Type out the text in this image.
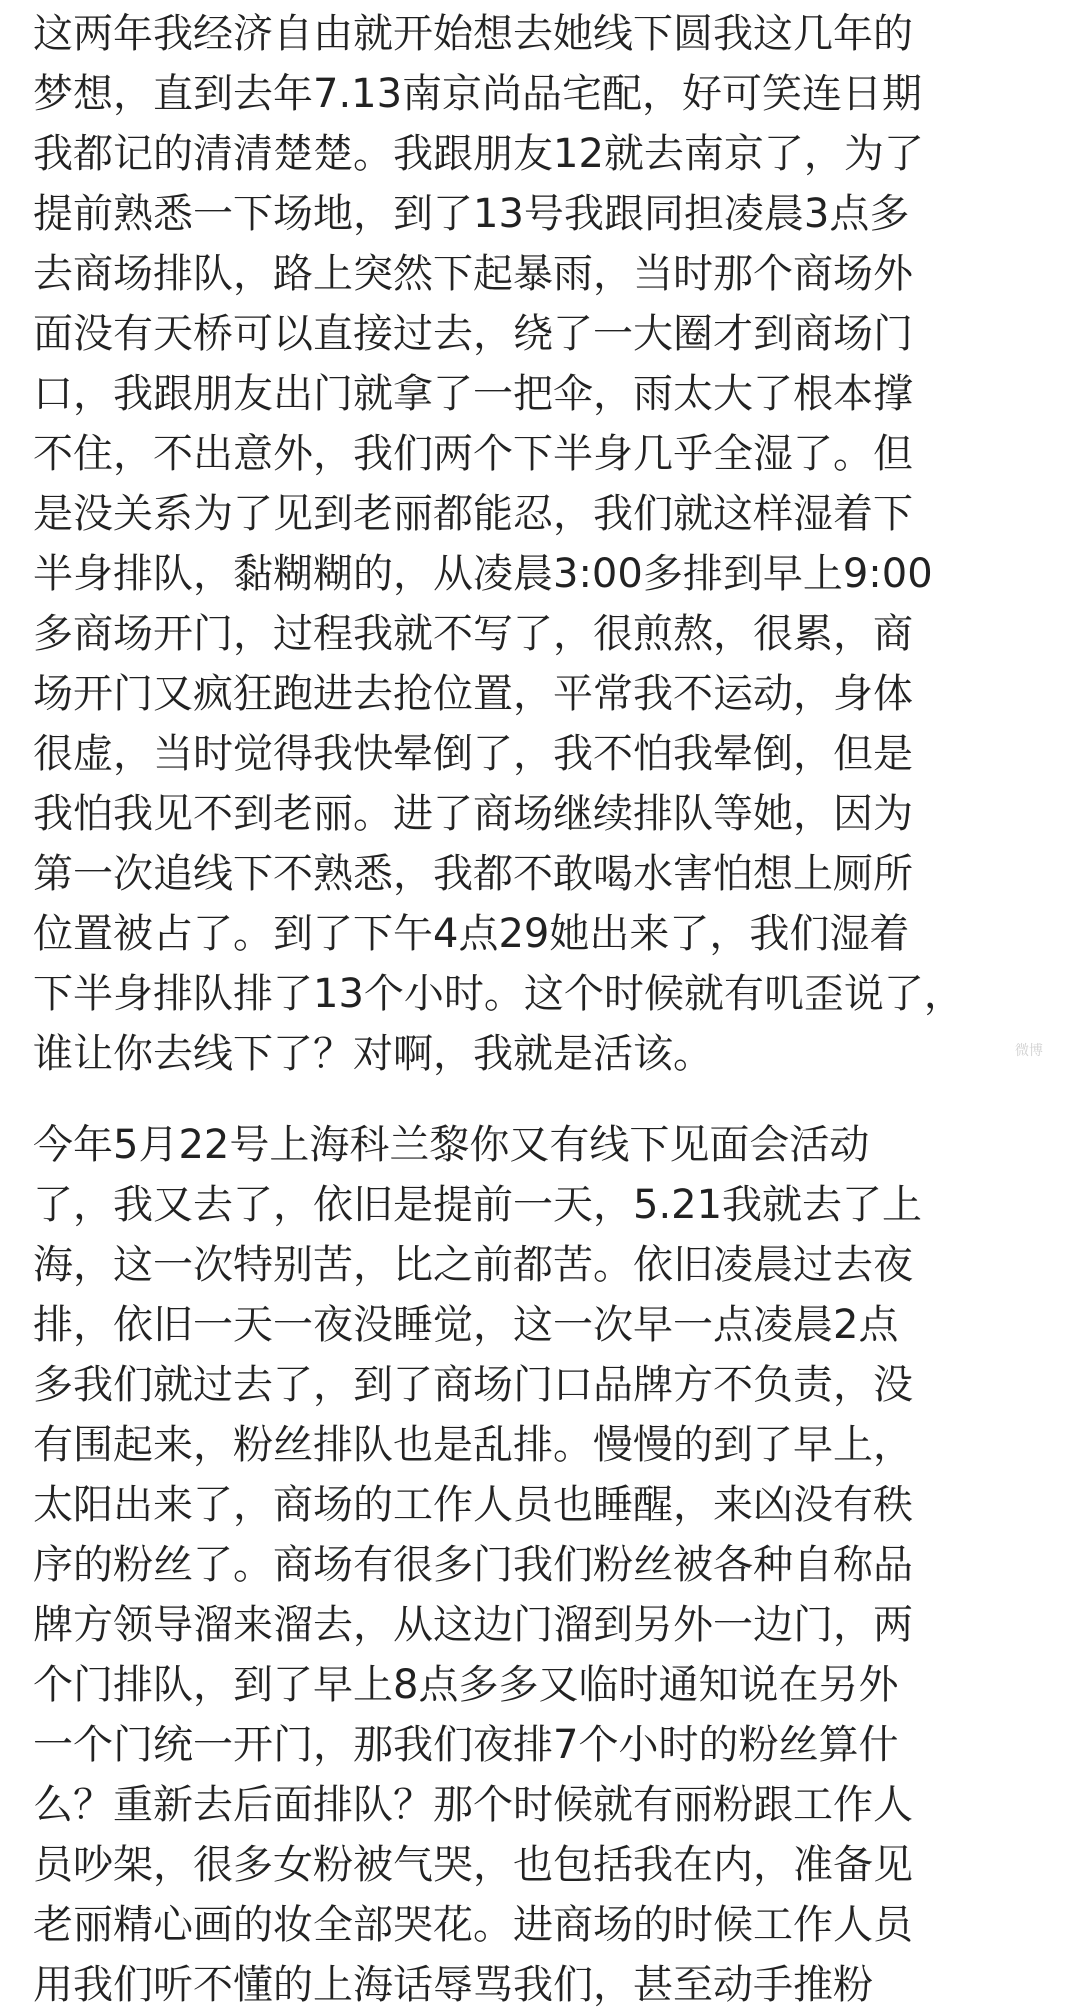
这两年我经济自由就开始想去她线下圆我这几年的
梦想，直到去年7.13南京尚品宅配，好可笑连日期
我都记的清清楚楚。我跟朋友12就去南京了，为了
提前熟悉一下场地，到了13号我跟同担凌晨3点多
去商场排队，路上突然下起暴雨，当时那个商场外
面没有天桥可以直接过去，绕了一大圈才到商场门
口，我跟朋友出门就拿了一把伞，雨太大了根本撑
不住，不出意外，我们两个下半身几乎全湿了。但
是没关系为了见到老丽都能忍，我们就这样湿着下
半身排队，黏糊糊的，从凌晨3:00多排到早上9:00
多商场开门，过程我就不写了，很煎熬，很累，商
场开门又疯狂跑进去抢位置，平常我不运动，身体
很虚，当时觉得我快晕倒了，我不怕我晕倒，但是
我怕我见不到老丽。进了商场继续排队等她，因为
第一次追线下不熟悉，我都不敢喝水害怕想上厕所
位置被占了。到了下午4点29她出来了，我们湿着
下半身排队排了13个小时。这个时候就有叽歪说了，
谁让你去线下了？对啊，我就是活该。	微博
今年5月22号上海科兰黎你又有线下见面会活动
了，我又去了，依旧是提前一天，5.21我就去了上
海，这一次特别苦，比之前都苦。依旧凌晨过去夜
排，依旧一天一夜没睡觉，这一次早一点凌晨2点
多我们就过去了，到了商场门口品牌方不负责，没
有围起来，粉丝排队也是乱排。慢慢的到了早上，
太阳出来了，商场的工作人员也睡醒，来凶没有秩
序的粉丝了。商场有很多门我们粉丝被各种自称品
牌方领导溜来溜去，从这边门溜到另外一边门，两
个门排队，到了早上8点多多又临时通知说在另外
一个门统一开门，那我们夜排7个小时的粉丝算什
么？重新去后面排队？那个时候就有丽粉跟工作人
员吵架，很多女粉被气哭，也包括我在内，准备见
老丽精心画的妆全部哭花。进商场的时候工作人员
用我们听不懂的上海话辱骂我们，甚至动手推粉
